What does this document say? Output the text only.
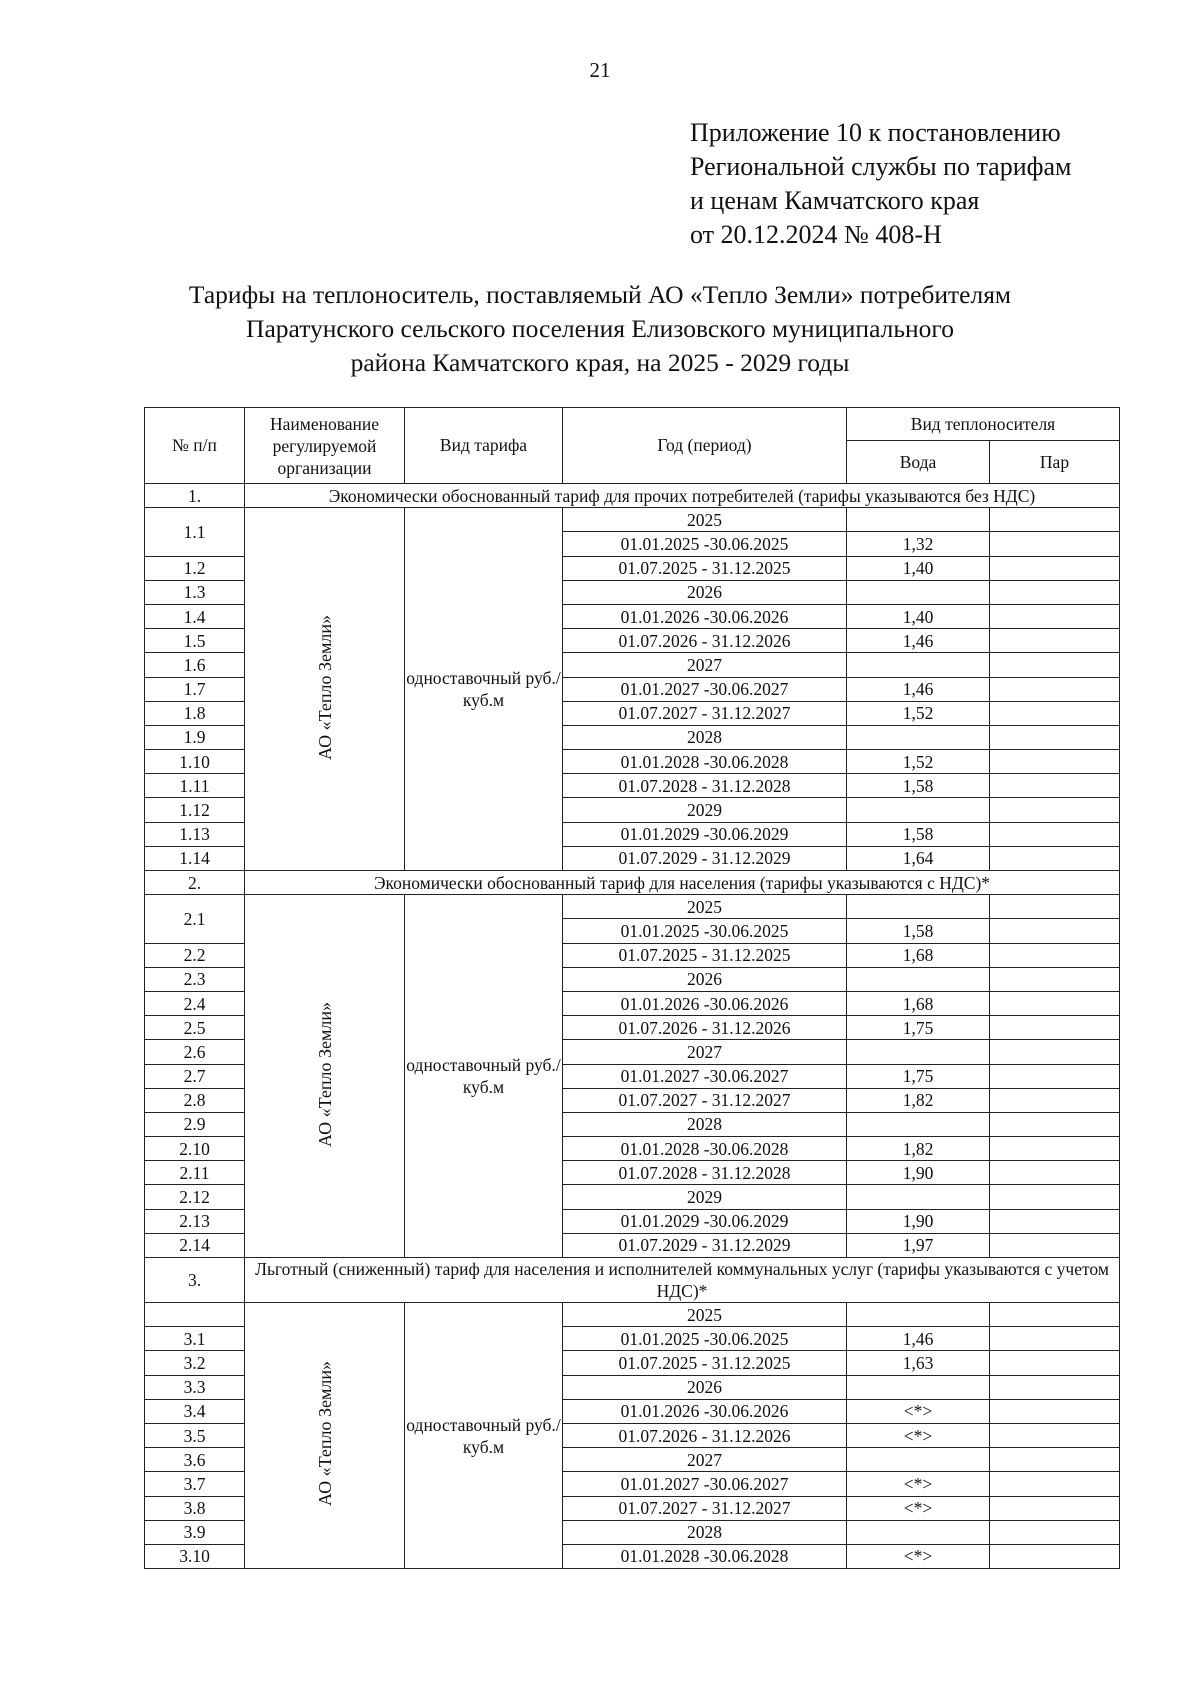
21
Приложение 10 к постановлению
Региональной службы по тарифам
и ценам Камчатского края
от 20.12.2024 № 408-Н
Тарифы на теплоноситель, поставляемый АО «Тепло Земли» потребителям
Паратунского сельского поселения Елизовского муниципального
района Камчатского края, на 2025 - 2029 годы
№ п/п	Наименование регулируемой организации	Вид тарифа	Год (период)	Вид теплоносителя	
				Вода	Пар
1.	Экономически обоснованный тариф для прочих потребителей (тарифы указываются без НДС)				
1.1	АО «Тепло Земли»	одноставочный руб./куб.м	2025		
			01.01.2025 -30.06.2025	1,32	
1.2			01.07.2025 - 31.12.2025	1,40	
1.3			2026		
1.4			01.01.2026 -30.06.2026	1,40	
1.5			01.07.2026 - 31.12.2026	1,46	
1.6			2027		
1.7			01.01.2027 -30.06.2027	1,46	
1.8			01.07.2027 - 31.12.2027	1,52	
1.9			2028		
1.10			01.01.2028 -30.06.2028	1,52	
1.11			01.07.2028 - 31.12.2028	1,58	
1.12			2029		
1.13			01.01.2029 -30.06.2029	1,58	
1.14			01.07.2029 - 31.12.2029	1,64	
2.	Экономически обоснованный тариф для населения (тарифы указываются с НДС)*				
2.1	АО «Тепло Земли»	одноставочный руб./куб.м	2025		
			01.01.2025 -30.06.2025	1,58	
2.2			01.07.2025 - 31.12.2025	1,68	
2.3			2026		
2.4			01.01.2026 -30.06.2026	1,68	
2.5			01.07.2026 - 31.12.2026	1,75	
2.6			2027		
2.7			01.01.2027 -30.06.2027	1,75	
2.8			01.07.2027 - 31.12.2027	1,82	
2.9			2028		
2.10			01.01.2028 -30.06.2028	1,82	
2.11			01.07.2028 - 31.12.2028	1,90	
2.12			2029		
2.13			01.01.2029 -30.06.2029	1,90	
2.14			01.07.2029 - 31.12.2029	1,97	
3.	Льготный (сниженный) тариф для населения и исполнителей коммунальных услуг (тарифы указываются с учетом НДС)*				
	АО «Тепло Земли»	одноставочный руб./куб.м	2025		
3.1			01.01.2025 -30.06.2025	1,46	
3.2			01.07.2025 - 31.12.2025	1,63	
3.3			2026		
3.4			01.01.2026 -30.06.2026	<*>	
3.5			01.07.2026 - 31.12.2026	<*>	
3.6			2027		
3.7			01.01.2027 -30.06.2027	<*>	
3.8			01.07.2027 - 31.12.2027	<*>	
3.9			2028		
3.10			01.01.2028 -30.06.2028	<*>	
